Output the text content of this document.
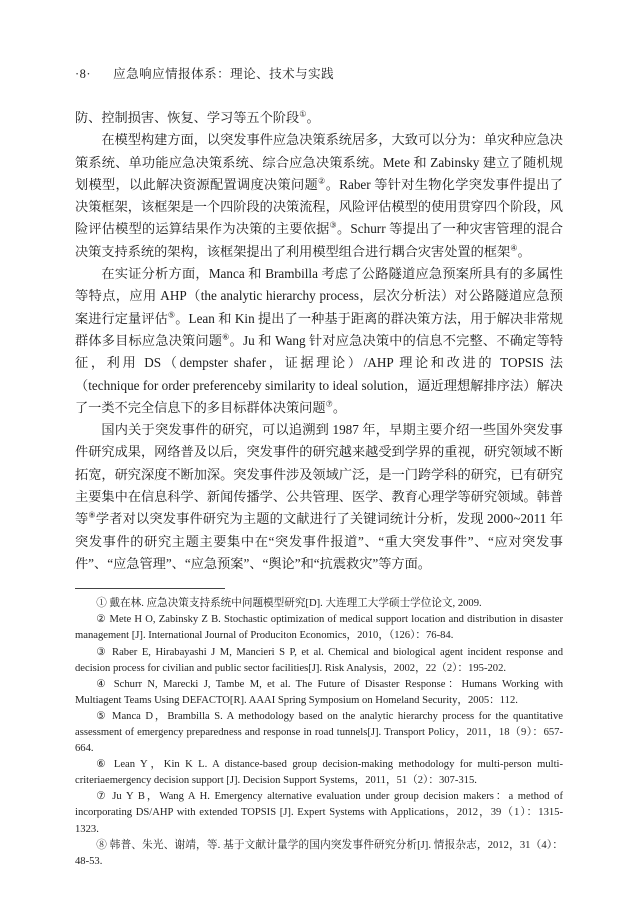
·8· 应急响应情报体系：理论、技术与实践

防、控制损害、恢复、学习等五个阶段①。

在模型构建方面，以突发事件应急决策系统居多，大致可以分为：单灾种应急决策系统、单功能应急决策系统、综合应急决策系统。Mete 和 Zabinsky 建立了随机规划模型，以此解决资源配置调度决策问题②。Raber 等针对生物化学突发事件提出了决策框架，该框架是一个四阶段的决策流程，风险评估模型的使用贯穿四个阶段，风险评估模型的运算结果作为决策的主要依据③。Schurr 等提出了一种灾害管理的混合决策支持系统的架构，该框架提出了利用模型组合进行耦合灾害处置的框架④。

在实证分析方面，Manca 和 Brambilla 考虑了公路隧道应急预案所具有的多属性等特点，应用 AHP（the analytic hierarchy process，层次分析法）对公路隧道应急预案进行定量评估⑤。Lean 和 Kin 提出了一种基于距离的群决策方法，用于解决非常规群体多目标应急决策问题⑥。Ju 和 Wang 针对应急决策中的信息不完整、不确定等特征，利用 DS（dempster shafer，证据理论）/AHP 理论和改进的 TOPSIS 法（technique for order preferenceby similarity to ideal solution，逼近理想解排序法）解决了一类不完全信息下的多目标群体决策问题⑦。

国内关于突发事件的研究，可以追溯到 1987 年，早期主要介绍一些国外突发事件研究成果，网络普及以后，突发事件的研究越来越受到学界的重视，研究领域不断拓宽，研究深度不断加深。突发事件涉及领域广泛，是一门跨学科的研究，已有研究主要集中在信息科学、新闻传播学、公共管理、医学、教育心理学等研究领域。韩普等⑧学者对以突发事件研究为主题的文献进行了关键词统计分析，发现 2000~2011 年突发事件的研究主题主要集中在“突发事件报道”、“重大突发事件”、“应对突发事件”、“应急管理”、“应急预案”、“舆论”和“抗震救灾”等方面。

① 戴在林. 应急决策支持系统中问题模型研究[D]. 大连理工大学硕士学位论文, 2009.

② Mete H O, Zabinsky Z B. Stochastic optimization of medical support location and distribution in disaster management [J]. International Journal of Produciton Economics，2010，（126）：76-84.

③ Raber E, Hirabayashi J M, Mancieri S P, et al. Chemical and biological agent incident response and decision process for civilian and public sector facilities[J]. Risk Analysis，2002，22（2）：195-202.

④ Schurr N, Marecki J, Tambe M, et al. The Future of Disaster Response：Humans Working with Multiagent Teams Using DEFACTO[R]. AAAI Spring Symposium on Homeland Security，2005：112.

⑤ Manca D，Brambilla S. A methodology based on the analytic hierarchy process for the quantitative assessment of emergency preparedness and response in road tunnels[J]. Transport Policy，2011，18（9）：657-664.

⑥ Lean Y，Kin K L. A distance-based group decision-making methodology for multi-person multi-criteriaemergency decision support [J]. Decision Support Systems，2011，51（2）：307-315.

⑦ Ju Y B，Wang A H. Emergency alternative evaluation under group decision makers：a method of incorporating DS/AHP with extended TOPSIS [J]. Expert Systems with Applications，2012，39（1）：1315-1323.

⑧ 韩普、朱光、谢靖，等. 基于文献计量学的国内突发事件研究分析[J]. 情报杂志，2012，31（4）：48-53.
